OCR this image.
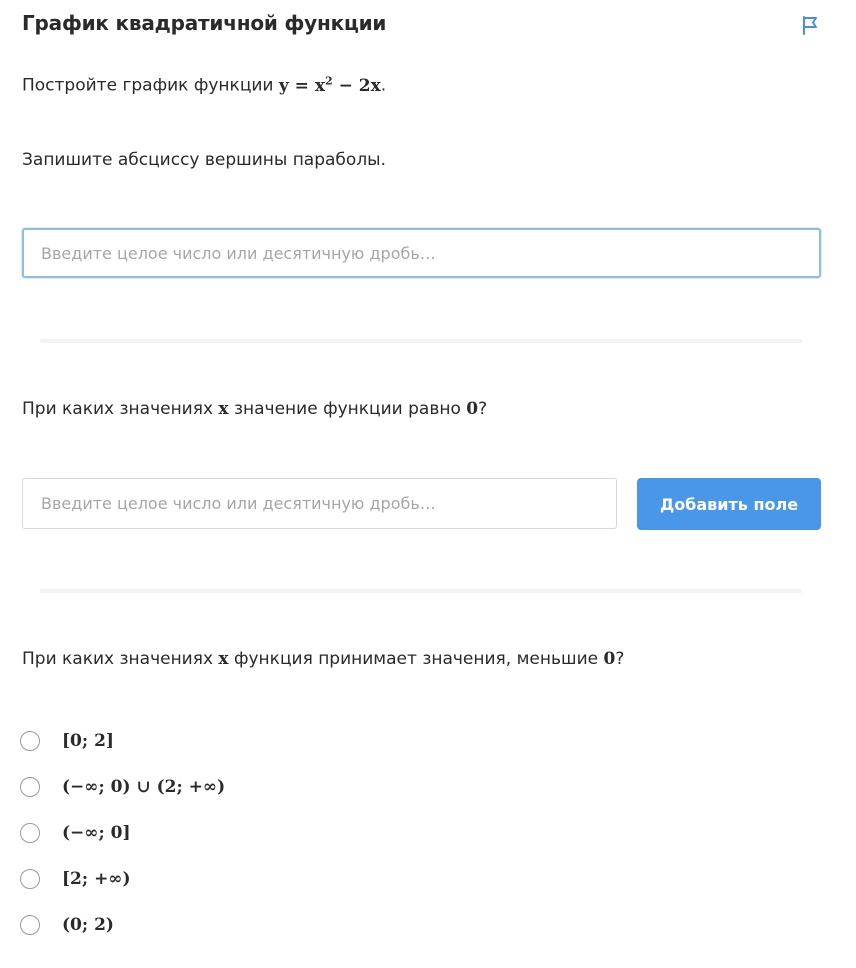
График квадратичной функции
Постройте график функции $y = x^2 - 2x$.
Запишите абсциссу вершины параболы.
Введите целое число или десятичную дробь…
При каких значениях x значение функции равно 0?
Введите целое число или десятичную дробь…
Добавить поле
При каких значениях x функция принимает значения, меньшие 0?
[0; 2]
(−∞; 0) ∪ (2; +∞)
(−∞; 0]
[2; +∞)
(0; 2)
